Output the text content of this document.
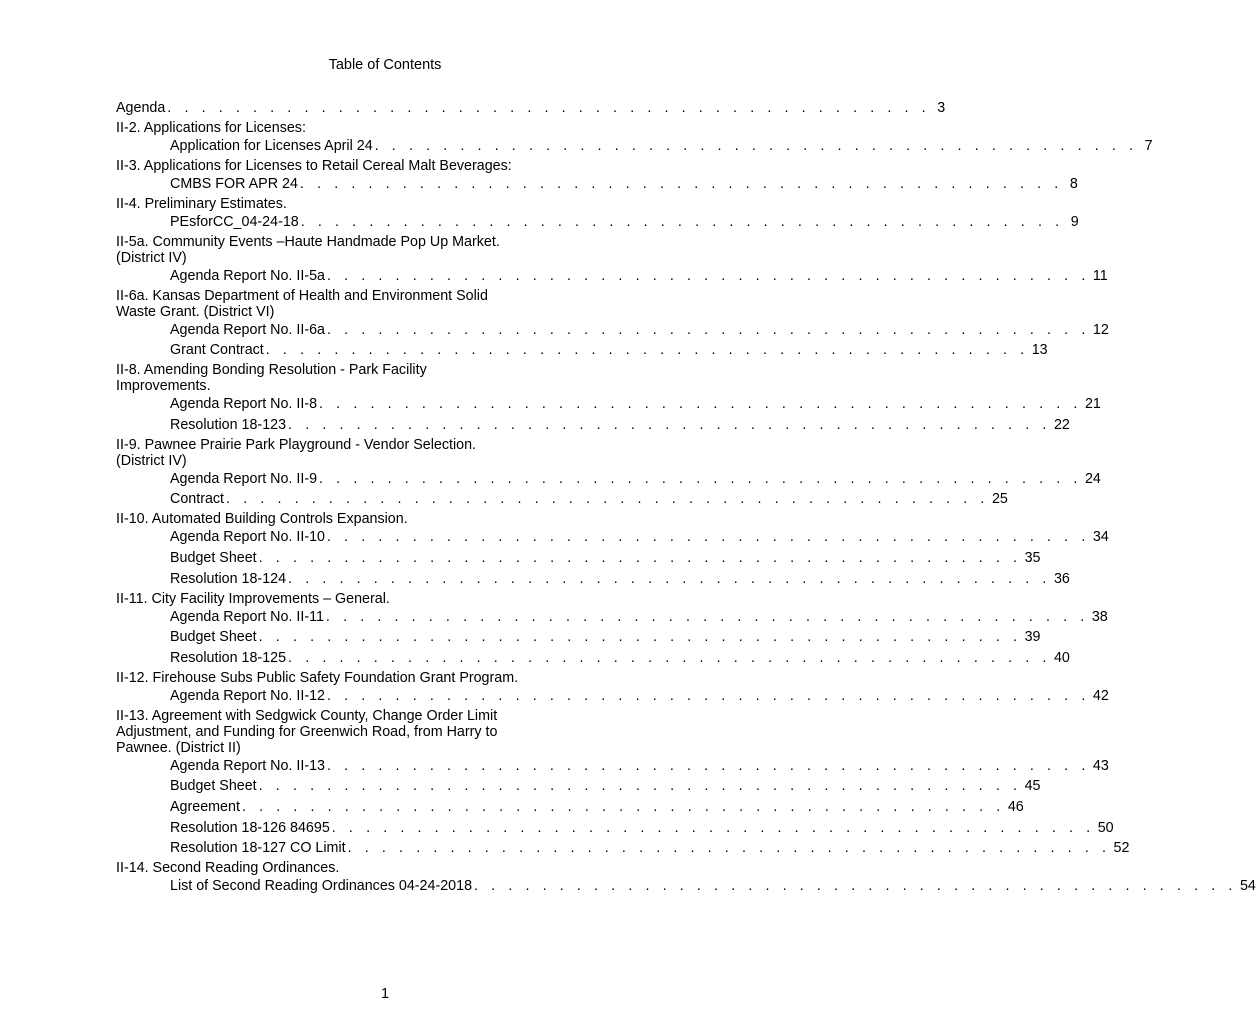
Table of Contents
Agenda . . . . . . . . . . . . . . . . . . . . . . . . . . . . . . . . . . . . . . . . . . . . . 3
II-2. Applications for Licenses:
Application for Licenses April 24 . . . . . . . . . . . . . . . . . . . . . . . . . . . . . . . . . . . . . . . . . . . . . 7
II-3. Applications for Licenses to Retail Cereal Malt Beverages:
CMBS FOR APR 24 . . . . . . . . . . . . . . . . . . . . . . . . . . . . . . . . . . . . . . . . . . . . . 8
II-4. Preliminary Estimates.
PEsforCC_04-24-18 . . . . . . . . . . . . . . . . . . . . . . . . . . . . . . . . . . . . . . . . . . . . . 9
II-5a. Community Events –Haute Handmade Pop Up Market.
(District IV)
Agenda Report No. II-5a . . . . . . . . . . . . . . . . . . . . . . . . . . . . . . . . . . . . . . . . . . . . . 11
II-6a. Kansas Department of Health and Environment Solid
Waste Grant. (District VI)
Agenda Report No. II-6a . . . . . . . . . . . . . . . . . . . . . . . . . . . . . . . . . . . . . . . . . . . . . 12
Grant Contract . . . . . . . . . . . . . . . . . . . . . . . . . . . . . . . . . . . . . . . . . . . . . 13
II-8. Amending Bonding Resolution - Park Facility
Improvements.
Agenda Report No. II-8 . . . . . . . . . . . . . . . . . . . . . . . . . . . . . . . . . . . . . . . . . . . . . 21
Resolution 18-123 . . . . . . . . . . . . . . . . . . . . . . . . . . . . . . . . . . . . . . . . . . . . . 22
II-9. Pawnee Prairie Park Playground - Vendor Selection.
(District IV)
Agenda Report No. II-9 . . . . . . . . . . . . . . . . . . . . . . . . . . . . . . . . . . . . . . . . . . . . . 24
Contract . . . . . . . . . . . . . . . . . . . . . . . . . . . . . . . . . . . . . . . . . . . . . 25
II-10. Automated Building Controls Expansion.
Agenda Report No. II-10 . . . . . . . . . . . . . . . . . . . . . . . . . . . . . . . . . . . . . . . . . . . . . 34
Budget Sheet . . . . . . . . . . . . . . . . . . . . . . . . . . . . . . . . . . . . . . . . . . . . . 35
Resolution 18-124 . . . . . . . . . . . . . . . . . . . . . . . . . . . . . . . . . . . . . . . . . . . . . 36
II-11. City Facility Improvements – General.
Agenda Report No. II-11 . . . . . . . . . . . . . . . . . . . . . . . . . . . . . . . . . . . . . . . . . . . . . 38
Budget Sheet . . . . . . . . . . . . . . . . . . . . . . . . . . . . . . . . . . . . . . . . . . . . . 39
Resolution 18-125 . . . . . . . . . . . . . . . . . . . . . . . . . . . . . . . . . . . . . . . . . . . . . 40
II-12. Firehouse Subs Public Safety Foundation Grant Program.
Agenda Report No. II-12 . . . . . . . . . . . . . . . . . . . . . . . . . . . . . . . . . . . . . . . . . . . . . 42
II-13. Agreement with Sedgwick County, Change Order Limit
Adjustment, and Funding for Greenwich Road, from Harry to
Pawnee. (District II)
Agenda Report No. II-13 . . . . . . . . . . . . . . . . . . . . . . . . . . . . . . . . . . . . . . . . . . . . . 43
Budget Sheet . . . . . . . . . . . . . . . . . . . . . . . . . . . . . . . . . . . . . . . . . . . . . 45
Agreement . . . . . . . . . . . . . . . . . . . . . . . . . . . . . . . . . . . . . . . . . . . . . 46
Resolution 18-126 84695 . . . . . . . . . . . . . . . . . . . . . . . . . . . . . . . . . . . . . . . . . . . . . 50
Resolution 18-127 CO Limit . . . . . . . . . . . . . . . . . . . . . . . . . . . . . . . . . . . . . . . . . . . . . 52
II-14. Second Reading Ordinances.
List of Second Reading Ordinances 04-24-2018 . . . . . . . . . . . . . . . . . . . . . . . . . . . . . . . . . . . . . . . . . . . . . 54
1
